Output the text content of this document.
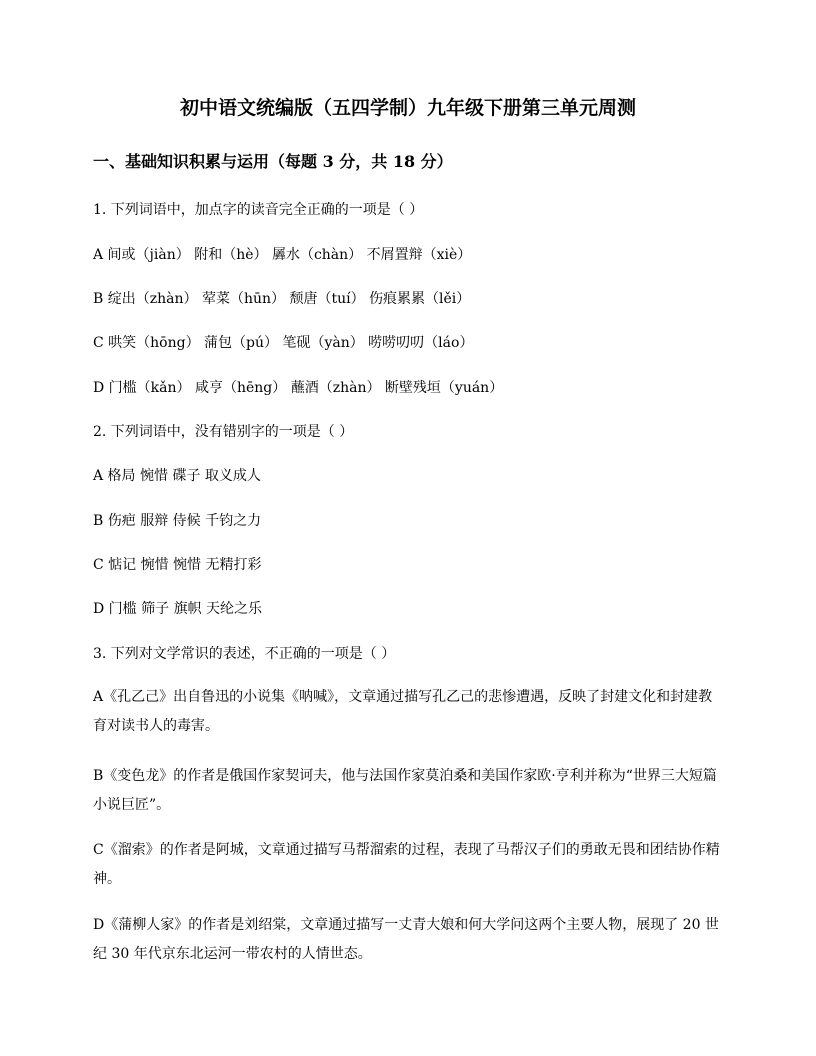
初中语文统编版（五四学制）九年级下册第三单元周测
一、基础知识积累与运用（每题 3 分，共 18 分）
1. 下列词语中，加点字的读音完全正确的一项是（ ）
A 间或（jiàn） 附和（hè） 羼水（chàn） 不屑置辩（xiè）
B 绽出（zhàn） 荤菜（hūn） 颓唐（tuí） 伤痕累累（lěi）
C 哄笑（hōng） 蒲包（pú） 笔砚（yàn） 唠唠叨叨（láo）
D 门槛（kǎn） 咸亨（hēng） 蘸酒（zhàn） 断壁残垣（yuán）
2. 下列词语中，没有错别字的一项是（ ）
A 格局 惋惜 碟子 取义成人
B 伤疤 服辩 侍候 千钧之力
C 惦记 惋惜 惋惜 无精打彩
D 门槛 筛子 旗帜 天纶之乐
3. 下列对文学常识的表述，不正确的一项是（ ）
A《孔乙己》出自鲁迅的小说集《呐喊》，文章通过描写孔乙己的悲惨遭遇，反映了封建文化和封建教育对读书人的毒害。
B《变色龙》的作者是俄国作家契诃夫，他与法国作家莫泊桑和美国作家欧·亨利并称为“世界三大短篇小说巨匠”。
C《溜索》的作者是阿城，文章通过描写马帮溜索的过程，表现了马帮汉子们的勇敢无畏和团结协作精神。
D《蒲柳人家》的作者是刘绍棠，文章通过描写一丈青大娘和何大学问这两个主要人物，展现了 20 世纪 30 年代京东北运河一带农村的人情世态。
